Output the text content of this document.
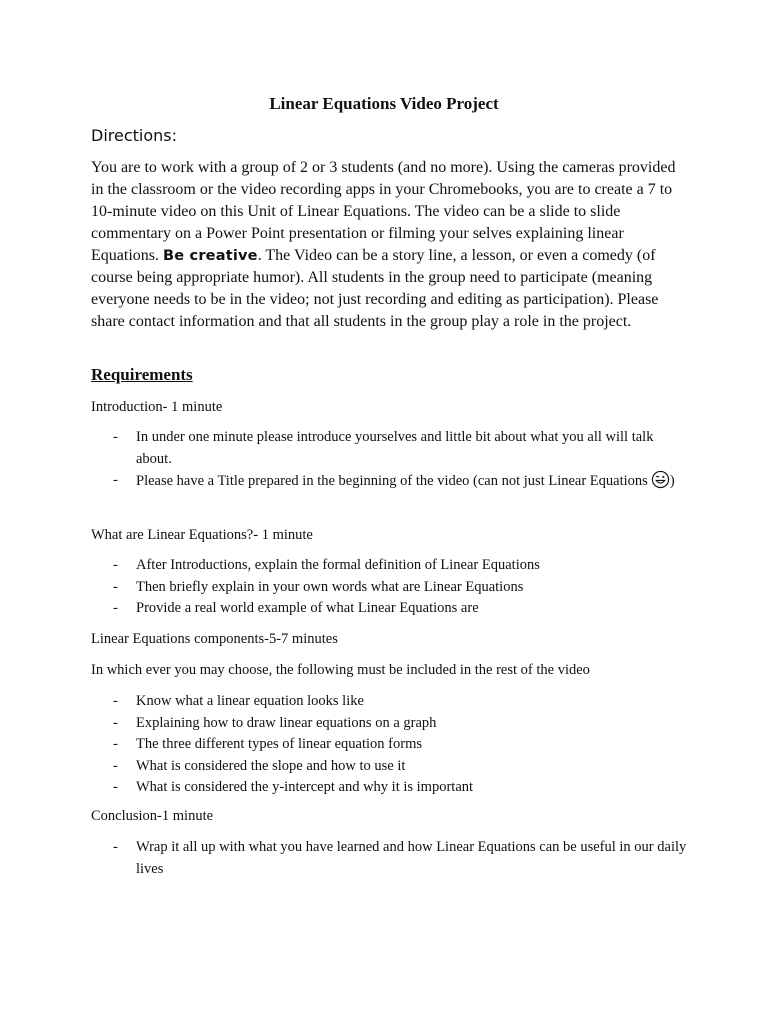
Linear Equations Video Project
Directions:

You are to work with a group of 2 or 3 students (and no more). Using the cameras provided in the classroom or the video recording apps in your Chromebooks, you are to create a 7 to 10-minute video on this Unit of Linear Equations. The video can be a slide to slide commentary on a Power Point presentation or filming your selves explaining linear Equations. Be creative. The Video can be a story line, a lesson, or even a comedy (of course being appropriate humor). All students in the group need to participate (meaning everyone needs to be in the video; not just recording and editing as participation). Please share contact information and that all students in the group play a role in the project.

Requirements
Introduction- 1 minute
- In under one minute please introduce yourselves and little bit about what you all will talk about.
- Please have a Title prepared in the beginning of the video (can not just Linear Equations )
What are Linear Equations?- 1 minute
- After Introductions, explain the formal definition of Linear Equations
- Then briefly explain in your own words what are Linear Equations
- Provide a real world example of what Linear Equations are
Linear Equations components-5-7 minutes
In which ever you may choose, the following must be included in the rest of the video
- Know what a linear equation looks like
- Explaining how to draw linear equations on a graph
- The three different types of linear equation forms
- What is considered the slope and how to use it
- What is considered the y-intercept and why it is important
Conclusion-1 minute
- Wrap it all up with what you have learned and how Linear Equations can be useful in our daily lives
